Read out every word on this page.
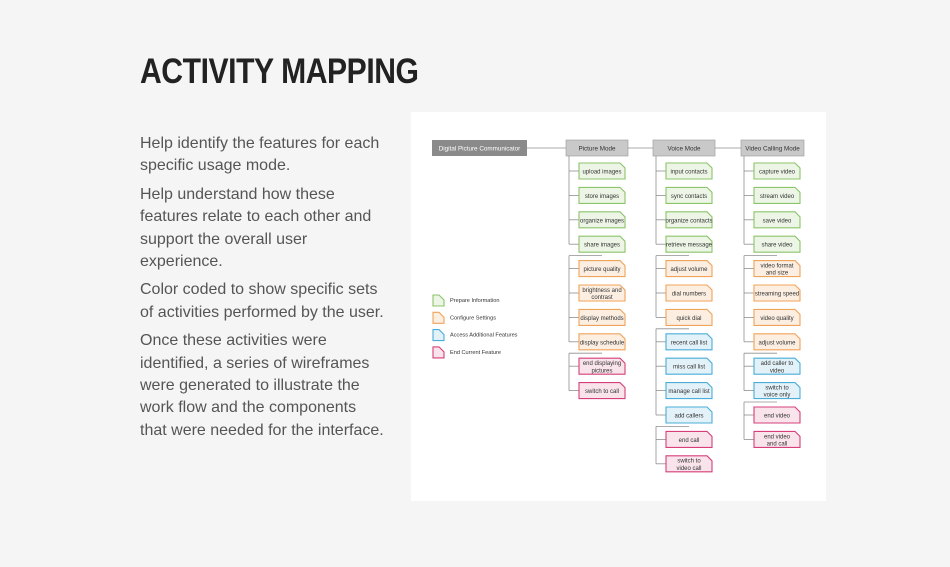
ACTIVITY MAPPING

Help identify the features for each specific usage mode.

Help understand how these features relate to each other and support the overall user experience.

Color coded to show specific sets of activities performed by the user.

Once these activities were identified, a series of wireframes were generated to illustrate the work flow and the components that were needed for the interface.

Digital Picture Communicator	Picture Mode
upload images
store images
organize images
share images
picture quality
brightness and contrast
display methods
display schedule
end displaying pictures
switch to call
Voice Mode
input contacts
sync contacts
organize contacts
retrieve message
adjust volume
dial numbers
quick dial
recent call list
miss call list
manage call list
add callers
end call
switch to video call
Video Calling Mode
capture video
stream video
save video
share video
video format and size
streaming speed
video quality
adjust volume
add caller to video
switch to voice only
end video
end video and call
Prepare Information
Configure Settings
Access Additional Features
End Current Feature
